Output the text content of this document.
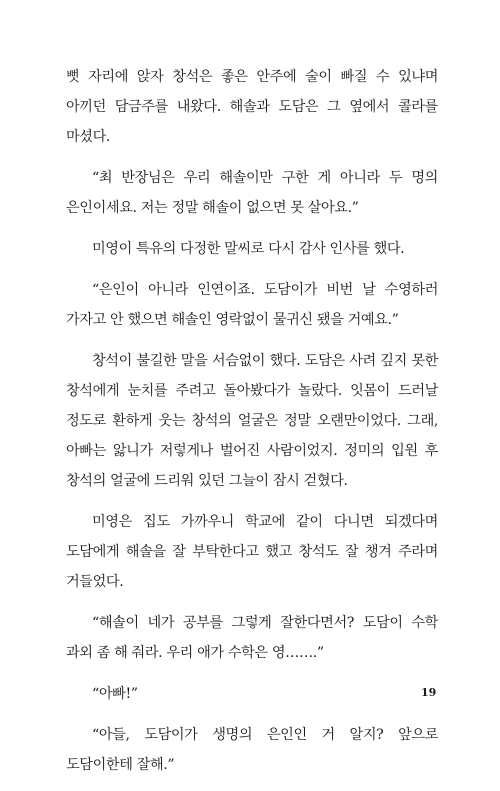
뻣 자리에 앉자 창석은 좋은 안주에 술이 빠질 수 있냐며 아끼던 담금주를 내왔다. 해솔과 도담은 그 옆에서 콜라를 마셨다.

“최 반장님은 우리 해솔이만 구한 게 아니라 두 명의 은인이세요. 저는 정말 해솔이 없으면 못 살아요.”

미영이 특유의 다정한 말씨로 다시 감사 인사를 했다.

“은인이 아니라 인연이죠. 도담이가 비번 날 수영하러 가자고 안 했으면 해솔인 영락없이 물귀신 됐을 거예요.”

창석이 불길한 말을 서슴없이 했다. 도담은 사려 깊지 못한 창석에게 눈치를 주려고 돌아봤다가 놀랐다. 잇몸이 드러날 정도로 환하게 웃는 창석의 얼굴은 정말 오랜만이었다. 그래, 아빠는 앓니가 저렇게나 벌어진 사람이었지. 정미의 입원 후 창석의 얼굴에 드리워 있던 그늘이 잠시 걷혔다.

미영은 집도 가까우니 학교에 같이 다니면 되겠다며 도담에게 해솔을 잘 부탁한다고 했고 창석도 잘 챙겨 주라며 거들었다.

“해솔이 네가 공부를 그렇게 잘한다면서? 도담이 수학 과외 좀 해 줘라. 우리 애가 수학은 영…….”

“아빠!”

“아들, 도담이가 생명의 은인인 거 알지? 앞으로 도담이한테 잘해.”

19
